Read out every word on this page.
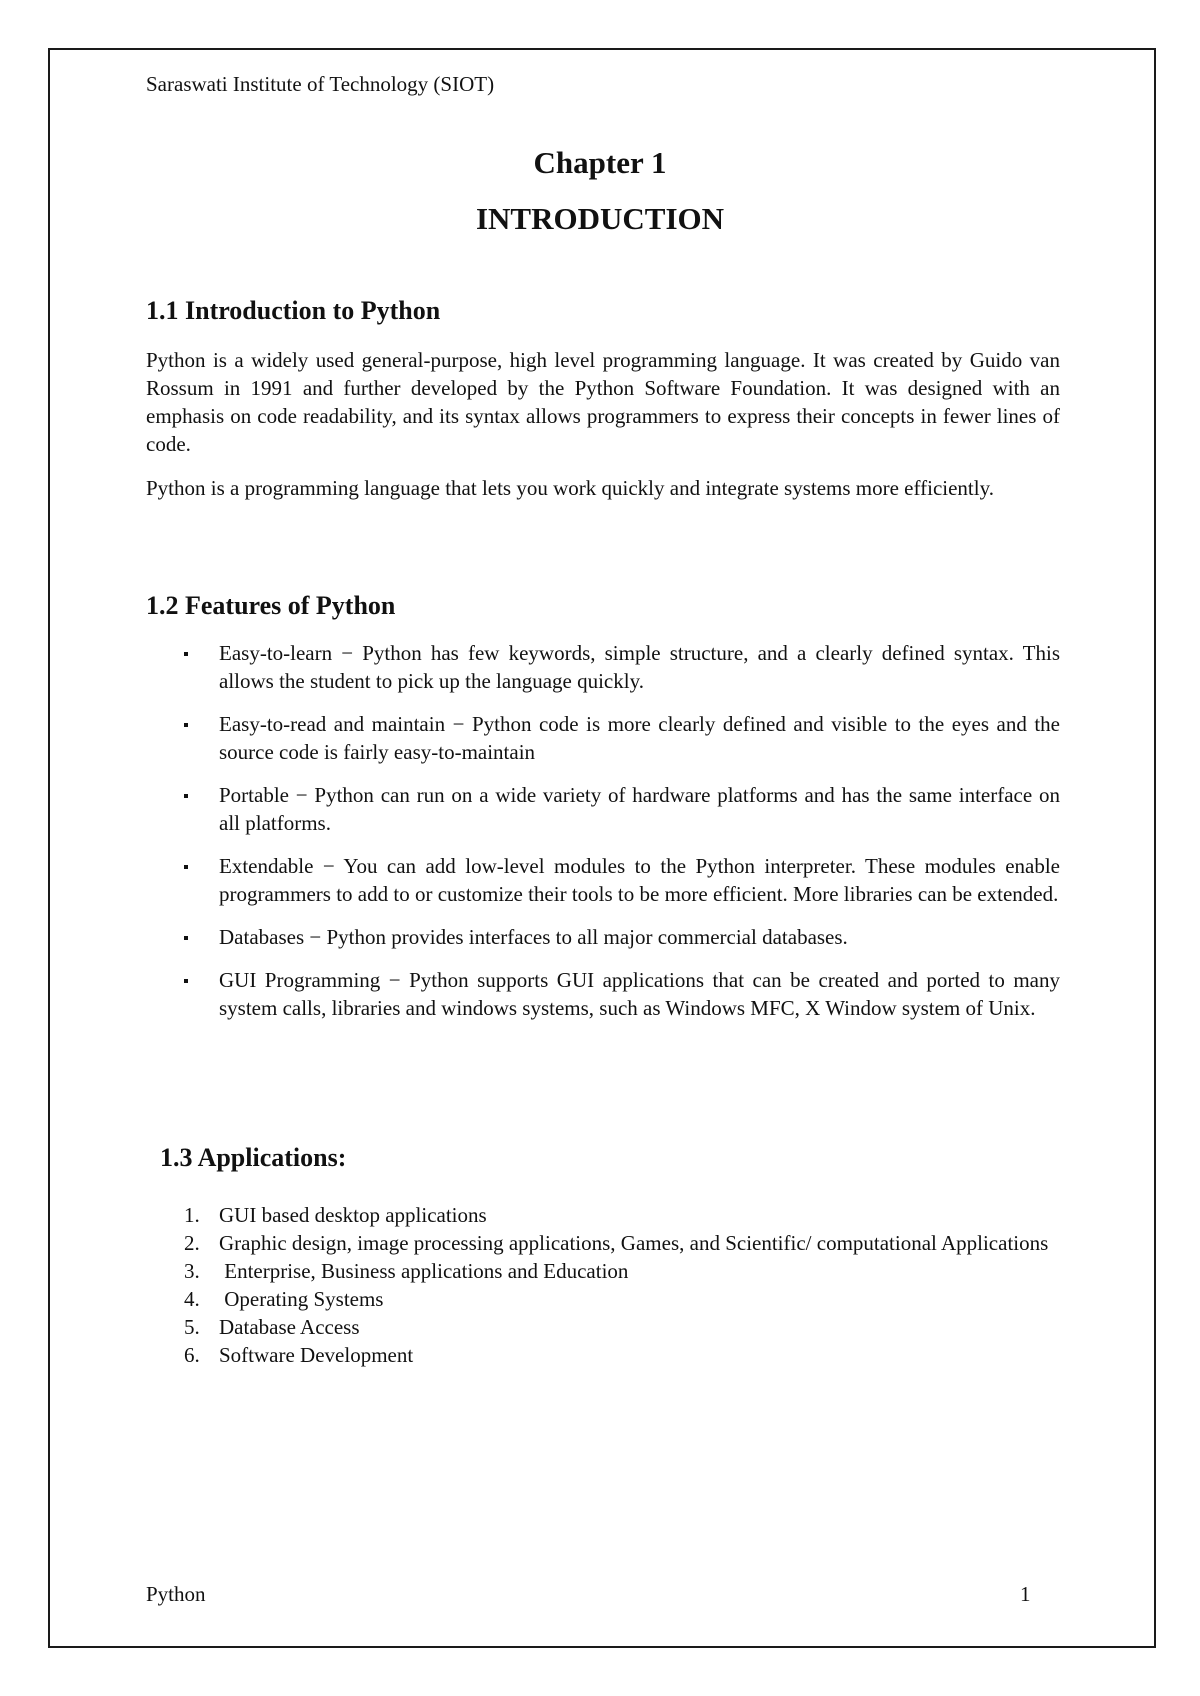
Saraswati Institute of Technology (SIOT)
Chapter 1
INTRODUCTION
1.1 Introduction to Python
Python is a widely used general-purpose, high level programming language. It was created by Guido van Rossum in 1991 and further developed by the Python Software Foundation. It was designed with an emphasis on code readability, and its syntax allows programmers to express their concepts in fewer lines of code.
Python is a programming language that lets you work quickly and integrate systems more efficiently.
1.2 Features of Python
Easy-to-learn − Python has few keywords, simple structure, and a clearly defined syntax. This allows the student to pick up the language quickly.
Easy-to-read and maintain − Python code is more clearly defined and visible to the eyes and the source code is fairly easy-to-maintain
Portable − Python can run on a wide variety of hardware platforms and has the same interface on all platforms.
Extendable − You can add low-level modules to the Python interpreter. These modules enable programmers to add to or customize their tools to be more efficient. More libraries can be extended.
Databases − Python provides interfaces to all major commercial databases.
GUI Programming − Python supports GUI applications that can be created and ported to many system calls, libraries and windows systems, such as Windows MFC, X Window system of Unix.
1.3 Applications:
1. GUI based desktop applications
2. Graphic design, image processing applications, Games, and Scientific/ computational Applications
3. Enterprise, Business applications and Education
4. Operating Systems
5. Database Access
6. Software Development
Python	1
